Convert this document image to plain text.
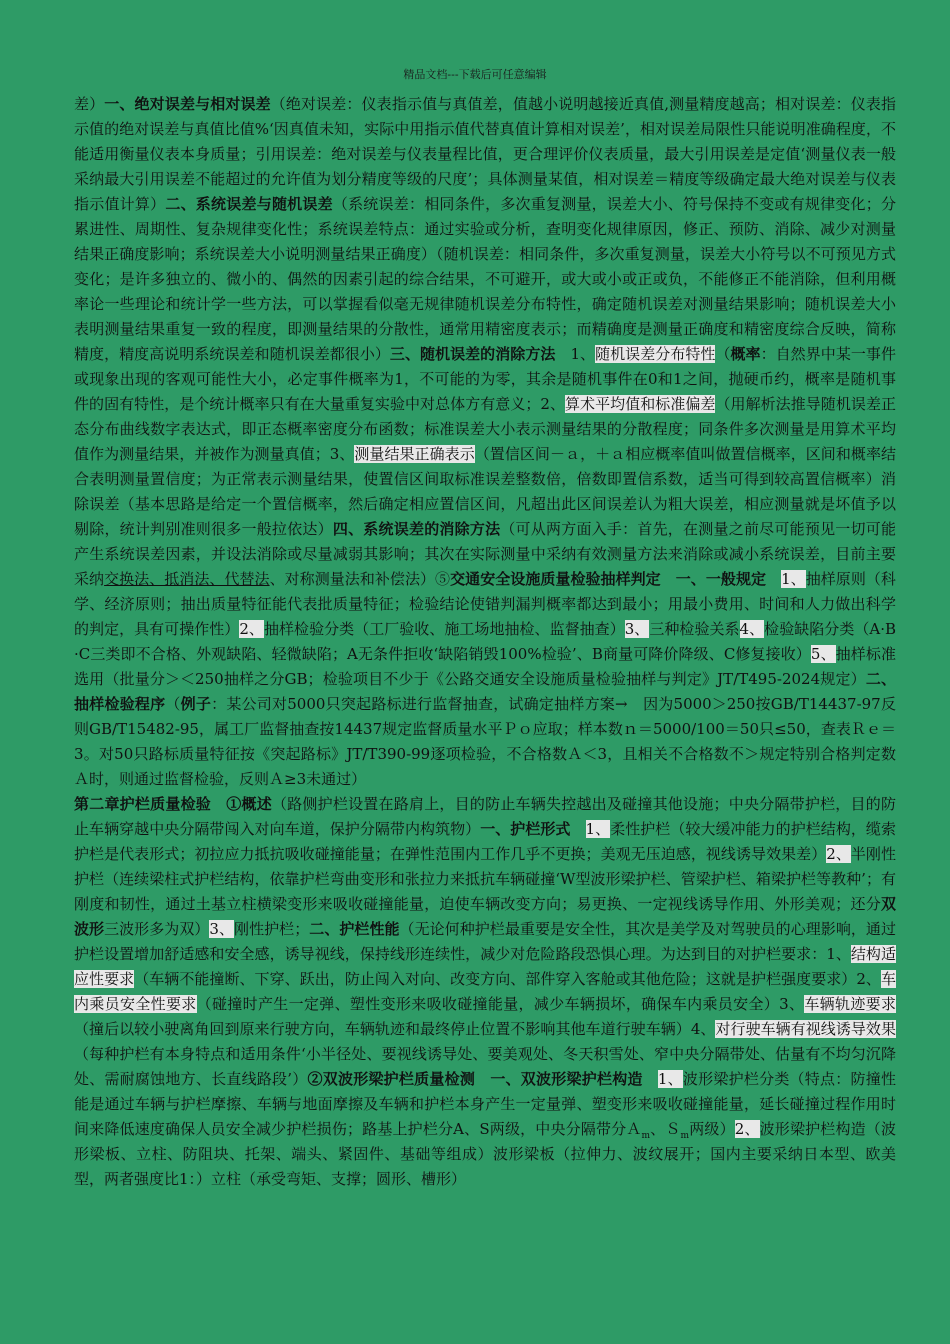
精品文档---下载后可任意编辑

差）一、绝对误差与相对误差（绝对误差：仪表指示值与真值差，值越小说明越接近真值,测量精度越高；相对误差：仪表指示值的绝对误差与真值比值%‘因真值未知，实际中用指示值代替真值计算相对误差’，相对误差局限性只能说明准确程度，不能适用衡量仪表本身质量；引用误差：绝对误差与仪表量程比值，更合理评价仪表质量，最大引用误差是定值‘测量仪表一般采纳最大引用误差不能超过的允许值为划分精度等级的尺度’；具体测量某值，相对误差＝精度等级确定最大绝对误差与仪表指示值计算）二、系统误差与随机误差（系统误差：相同条件，多次重复测量，误差大小、符号保持不变或有规律变化；分累进性、周期性、复杂规律变化性；系统误差特点：通过实验或分析，查明变化规律原因，修正、预防、消除、减少对测量结果正确度影响；系统误差大小说明测量结果正确度）（随机误差：相同条件，多次重复测量，误差大小符号以不可预见方式变化；是许多独立的、微小的、偶然的因素引起的综合结果，不可避开，或大或小或正或负，不能修正不能消除，但利用概率论一些理论和统计学一些方法，可以掌握看似毫无规律随机误差分布特性，确定随机误差对测量结果影响；随机误差大小表明测量结果重复一致的程度，即测量结果的分散性，通常用精密度表示；而精确度是测量正确度和精密度综合反映，简称精度，精度高说明系统误差和随机误差都很小）三、随机误差的消除方法　1、随机误差分布特性（概率：自然界中某一事件或现象出现的客观可能性大小，必定事件概率为1，不可能的为零，其余是随机事件在0和1之间，抛硬币约，概率是随机事件的固有特性，是个统计概率只有在大量重复实验中对总体方有意义；2、算术平均值和标准偏差（用解析法推导随机误差正态分布曲线数字表达式，即正态概率密度分布函数；标准误差大小表示测量结果的分散程度；同条件多次测量是用算术平均值作为测量结果，并被作为测量真值；3、测量结果正确表示（置信区间－ａ，＋ａ相应概率值叫做置信概率，区间和概率结合表明测量置信度；为正常表示测量结果，使置信区间取标准误差整数倍，倍数即置信系数，适当可得到较高置信概率）消除误差（基本思路是给定一个置信概率，然后确定相应置信区间，凡超出此区间误差认为粗大误差，相应测量就是坏值予以剔除，统计判别准则很多一般拉依达）四、系统误差的消除方法（可从两方面入手：首先，在测量之前尽可能预见一切可能产生系统误差因素，并设法消除或尽量减弱其影响；其次在实际测量中采纳有效测量方法来消除或减小系统误差，目前主要采纳交换法、抵消法、代替法、对称测量法和补偿法）⑤交通安全设施质量检验抽样判定　 一、一般规定　 1、抽样原则（科学、经济原则；抽出质量特征能代表批质量特征；检验结论使错判漏判概率都达到最小；用最小费用、时间和人力做出科学的判定，具有可操作性）2、抽样检验分类（工厂验收、施工场地抽检、监督抽查）3、三种检验关系4、检验缺陷分类（A·B·C三类即不合格、外观缺陷、轻微缺陷；A无条件拒收‘缺陷销毁100%检验’、B商量可降价降级、C修复接收）5、抽样标准选用（批量分＞＜250抽样之分GB；检验项目不少于《公路交通安全设施质量检验抽样与判定》JT/T495-2024规定）二、抽样检验程序（例子：某公司对5000只突起路标进行监督抽查，试确定抽样方案→　因为5000＞250按GB/T14437-97反则GB/T15482-95，属工厂监督抽查按14437规定监督质量水平Ｐｏ应取；样本数ｎ＝5000/100＝50只≤50，查表Ｒｅ＝3。对50只路标质量特征按《突起路标》JT/T390-99逐项检验，不合格数Ａ＜3，且相关不合格数不＞规定特别合格判定数Ａ时，则通过监督检验，反则Ａ≥3未通过）

第二章护栏质量检验　 ①概述（路侧护栏设置在路肩上，目的防止车辆失控越出及碰撞其他设施；中央分隔带护栏，目的防止车辆穿越中央分隔带闯入对向车道，保护分隔带内构筑物）一、护栏形式　 1、柔性护栏（较大缓冲能力的护栏结构，缆索护栏是代表形式；初拉应力抵抗吸收碰撞能量；在弹性范围内工作几乎不更换；美观无压迫感，视线诱导效果差）2、半刚性护栏（连续梁柱式护栏结构，依靠护栏弯曲变形和张拉力来抵抗车辆碰撞‘W型波形梁护栏、管梁护栏、箱梁护栏等教种’；有刚度和韧性，通过土基立柱横梁变形来吸收碰撞能量，迫使车辆改变方向；易更换、一定视线诱导作用、外形美观；还分双波形三波形多为双）3、刚性护栏；二、护栏性能（无论何种护栏最重要是安全性，其次是美学及对驾驶员的心理影响，通过护栏设置增加舒适感和安全感，诱导视线，保持线形连续性，减少对危险路段恐惧心理。为达到目的对护栏要求：1、结构适应性要求（车辆不能撞断、下穿、跃出，防止闯入对向、改变方向、部件穿入客舱或其他危险；这就是护栏强度要求）2、车内乘员安全性要求（碰撞时产生一定弹、塑性变形来吸收碰撞能量，减少车辆损坏，确保车内乘员安全）3、车辆轨迹要求（撞后以较小驶离角回到原来行驶方向，车辆轨迹和最终停止位置不影响其他车道行驶车辆）4、对行驶车辆有视线诱导效果（每种护栏有本身特点和适用条件‘小半径处、要视线诱导处、要美观处、冬天积雪处、窄中央分隔带处、估量有不均匀沉降处、需耐腐蚀地方、长直线路段’）②双波形梁护栏质量检测　 一、双波形梁护栏构造　 1、波形梁护栏分类（特点：防撞性能是通过车辆与护栏摩擦、车辆与地面摩擦及车辆和护栏本身产生一定量弹、塑变形来吸收碰撞能量，延长碰撞过程作用时间来降低速度确保人员安全减少护栏损伤；路基上护栏分A、S两级，中央分隔带分Ａ$_m$、Ｓ$_m$两级）2、波形梁护栏构造（波形梁板、立柱、防阻块、托架、端头、紧固件、基础等组成）波形梁板（拉伸力、波纹展开；国内主要采纳日本型、欧美型，两者强度比1：）立柱（承受弯矩、支撑；圆形、槽形）
